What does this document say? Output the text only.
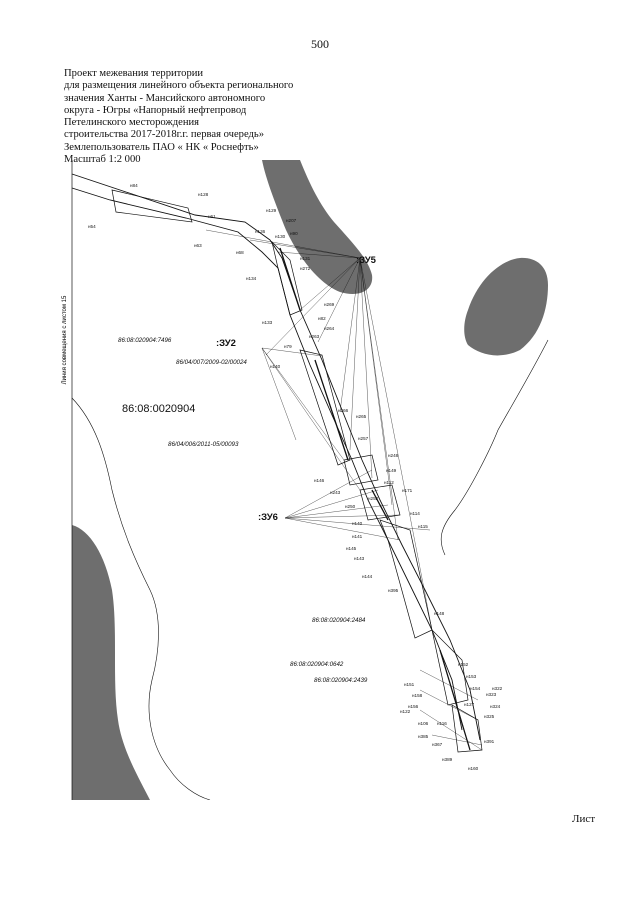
500
Проект межевания территории
для размещения линейного объекта регионального
значения Ханты - Мансийского автономного
округа - Югры «Напорный нефтепровод
Петелинского месторождения
строительства 2017-2018г.г. первая очередь»
Землепользователь ПАО « НК « Роснефть»
Масштаб 1:2 000
Линия совмещения с листом 15
:ЗУ5
:ЗУ2
:ЗУ6
86:08:020904:7496
86/04/007/2009-02/00024
86:08:0020904
86/04/006/2011-05/00093
86:08:020904:2484
86:08:020904:0642
86:08:020904:2439
н128
н84
н61
н54
н63
н129
н207
н136
н130
н90
н68
н131
н272
н134
н269
н133
н82
н263
н264
н79
н140
н266
н265
н257
н248
н149
н112
н146
н243
н250
н252
н171
н114
н140
н115
н141
н145
н143
н144
н395
н148
н152
н153
н151
н154
н158
н322
н127
н156
н323
н122
н324
н325
н106 н116
н385
н367
н391
н389
н160
Лист
